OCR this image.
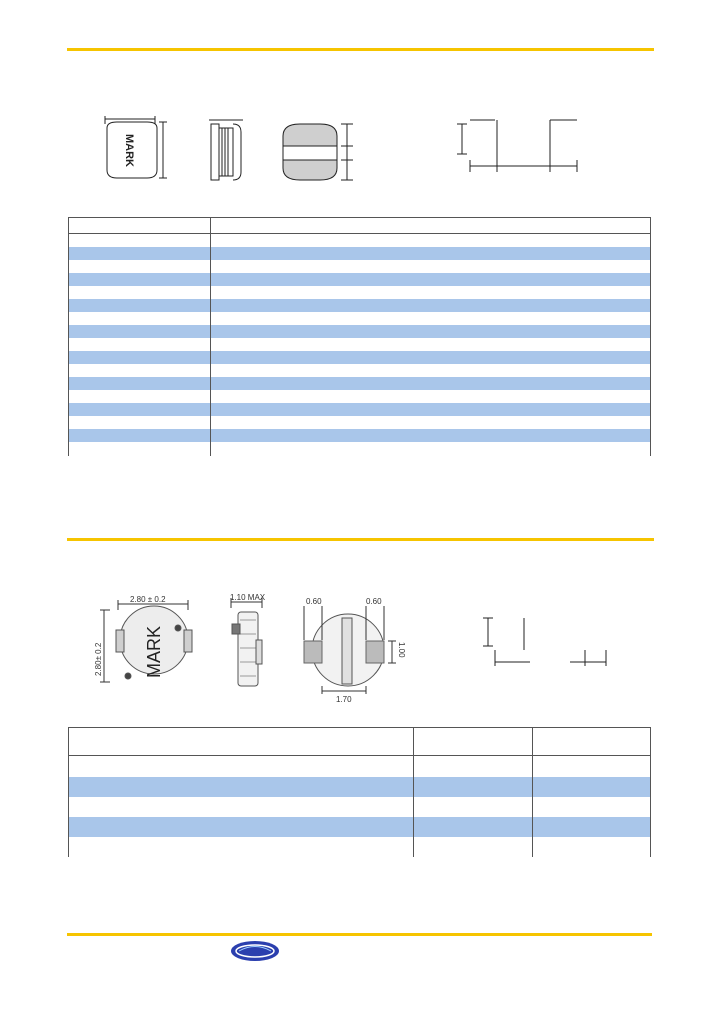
MARK

2.80 ± 0.2
2.80± 0.2 MARK
1.10 MAX	0.60	0.60
1.70
1.00
